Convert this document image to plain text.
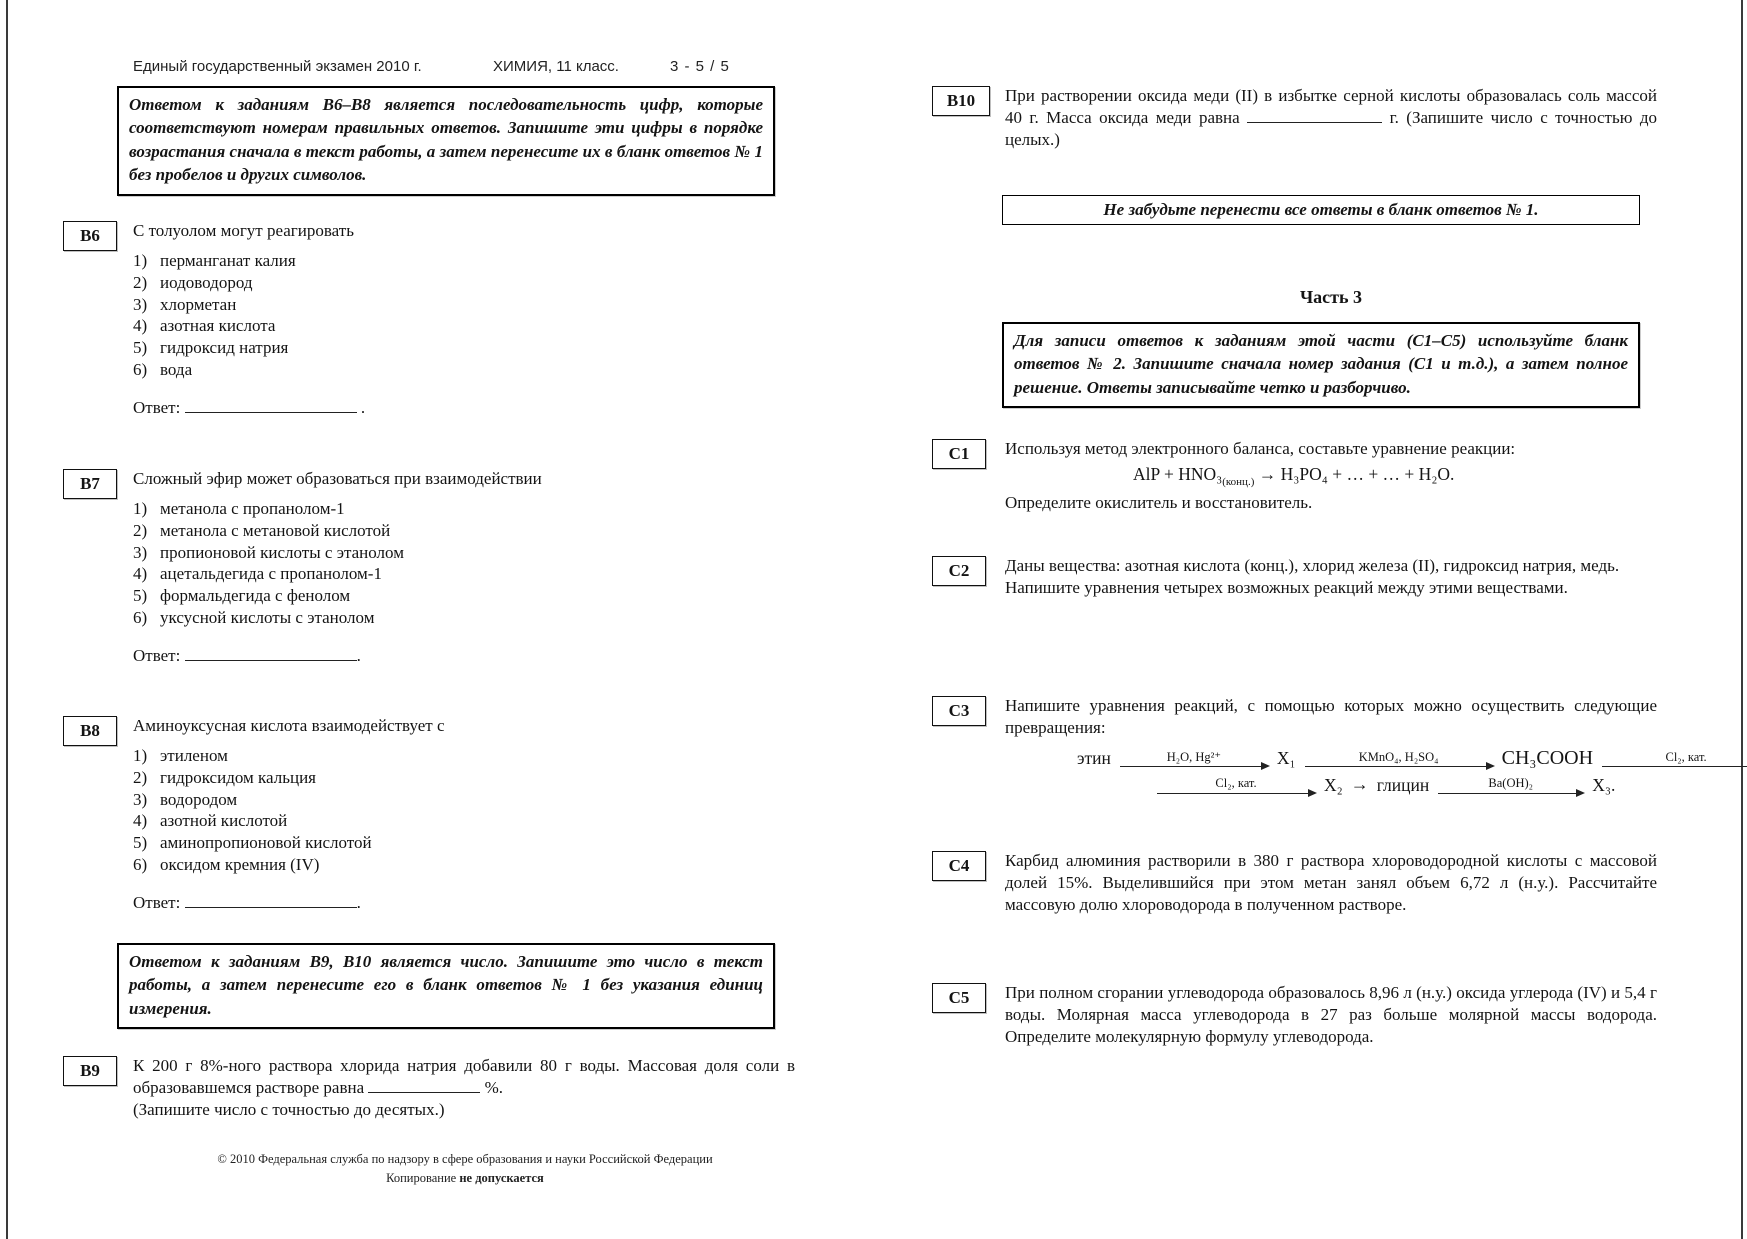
Единый государственный экзамен 2010 г.	ХИМИЯ, 11 класс.	3 - 5 / 5
Ответом к заданиям В6–В8 является последовательность цифр, которые соответствуют номерам правильных ответов. Запишите эти цифры в порядке возрастания сначала в текст работы, а затем перенесите их в бланк ответов № 1 без пробелов и других символов.
В6	С толуолом могут реагировать

1) перманганат калия
2) иодоводород
3) хлорметан
4) азотная кислота
5) гидроксид натрия
6) вода
Ответ:	.
В7	Сложный эфир может образоваться при взаимодействии

1) метанола с пропанолом-1
2) метанола с метановой кислотой
3) пропионовой кислоты с этанолом
4) ацетальдегида с пропанолом-1
5) формальдегида с фенолом
6) уксусной кислоты с этанолом
Ответ:	.
В8	Аминоуксусная кислота взаимодействует с

1) этиленом
2) гидроксидом кальция
3) водородом
4) азотной кислотой
5) аминопропионовой кислотой
6) оксидом кремния (IV)
Ответ:	.
Ответом к заданиям В9, В10 является число. Запишите это число в текст работы, а затем перенесите его в бланк ответов № 1 без указания единиц измерения.
В9	К 200 г 8%-ного раствора хлорида натрия добавили 80 г воды. Массовая доля соли в образовавшемся растворе равна	%.

(Запишите число с точностью до десятых.)

© 2010 Федеральная служба по надзору в сфере образования и науки Российской Федерации
Копирование не допускается
В10	При растворении оксида меди (II) в избытке серной кислоты образовалась соль массой 40 г. Масса оксида меди равна	г. (Запишите число с точностью до целых.)

Не забудьте перенести все ответы в бланк ответов № 1.
Часть 3
Для записи ответов к заданиям этой части (С1–С5) используйте бланк ответов № 2. Запишите сначала номер задания (С1 и т.д.), а затем полное решение. Ответы записывайте четко и разборчиво.
С1	Используя метод электронного баланса, составьте уравнение реакции:

AlP + $HNO_3_{(конц.)} \to H_3PO_4$ + … + … + H₂O.

Определите окислитель и восстановитель.

С2	Даны вещества: азотная кислота (конц.), хлорид железа (II), гидроксид натрия, медь.

Напишите уравнения четырех возможных реакций между этими веществами.

С3	Напишите уравнения реакций, с помощью которых можно осуществить следующие превращения:

этин	H₂O, Hg²⁺	X₁	KMnO₄, H₂SO₄	CH₃COOH	Cl₂, кат.
Cl₂, кат.	X₂ → глицин	Ba(OH)₂	X₃.
С4	Карбид алюминия растворили в 380 г раствора хлороводородной кислоты с массовой долей 15%. Выделившийся при этом метан занял объем 6,72 л (н.у.). Рассчитайте массовую долю хлороводорода в полученном растворе.

С5	При полном сгорании углеводорода образовалось 8,96 л (н.у.) оксида углерода (IV) и 5,4 г воды. Молярная масса углеводорода в 27 раз больше молярной массы водорода. Определите молекулярную формулу углеводорода.
